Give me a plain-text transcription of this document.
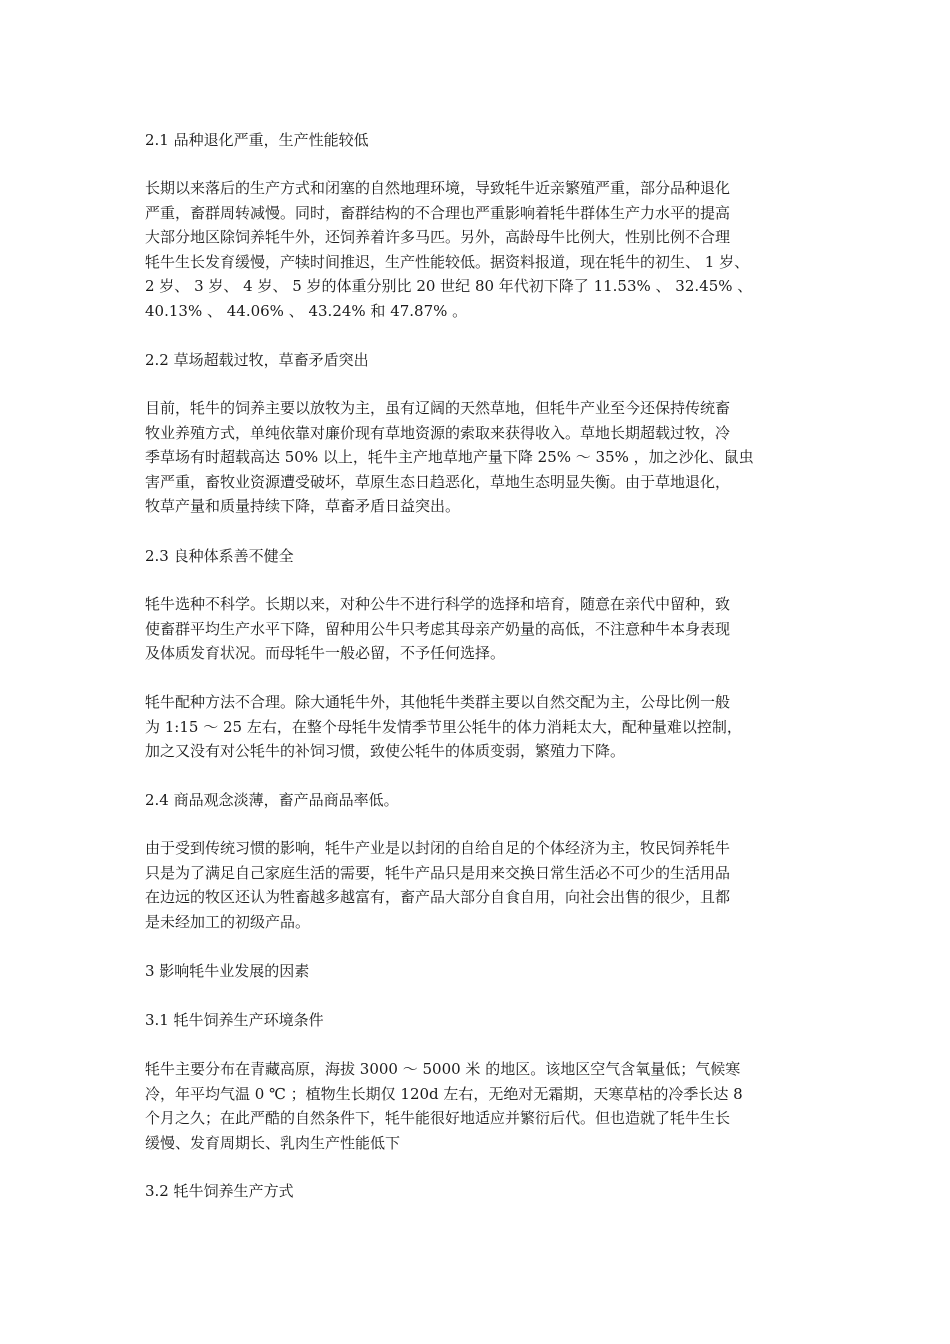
2.1 品种退化严重，生产性能较低

长期以来落后的生产方式和闭塞的自然地理环境，导致牦牛近亲繁殖严重，部分品种退化
严重，畜群周转减慢。同时，畜群结构的不合理也严重影响着牦牛群体生产力水平的提高
大部分地区除饲养牦牛外，还饲养着许多马匹。另外，高龄母牛比例大，性别比例不合理
牦牛生长发育缓慢，产犊时间推迟，生产性能较低。据资料报道，现在牦牛的初生、 1 岁、
2 岁、 3 岁、 4 岁、 5 岁的体重分别比 20 世纪 80 年代初下降了 11.53% 、 32.45% 、
40.13% 、 44.06% 、 43.24% 和 47.87% 。

2.2 草场超载过牧，草畜矛盾突出

目前，牦牛的饲养主要以放牧为主，虽有辽阔的天然草地，但牦牛产业至今还保持传统畜
牧业养殖方式，单纯依靠对廉价现有草地资源的索取来获得收入。草地长期超载过牧，冷
季草场有时超载高达 50% 以上，牦牛主产地草地产量下降 25% ～ 35% ，加之沙化、鼠虫
害严重，畜牧业资源遭受破坏，草原生态日趋恶化，草地生态明显失衡。由于草地退化，
牧草产量和质量持续下降，草畜矛盾日益突出。

2.3 良种体系善不健全

牦牛选种不科学。长期以来，对种公牛不进行科学的选择和培育，随意在亲代中留种，致
使畜群平均生产水平下降，留种用公牛只考虑其母亲产奶量的高低，不注意种牛本身表现
及体质发育状况。而母牦牛一般必留，不予任何选择。

牦牛配种方法不合理。除大通牦牛外，其他牦牛类群主要以自然交配为主，公母比例一般
为 1:15 ～ 25 左右，在整个母牦牛发情季节里公牦牛的体力消耗太大，配种量难以控制，
加之又没有对公牦牛的补饲习惯，致使公牦牛的体质变弱，繁殖力下降。

2.4 商品观念淡薄，畜产品商品率低。

由于受到传统习惯的影响，牦牛产业是以封闭的自给自足的个体经济为主，牧民饲养牦牛
只是为了满足自己家庭生活的需要，牦牛产品只是用来交换日常生活必不可少的生活用品
在边远的牧区还认为牲畜越多越富有，畜产品大部分自食自用，向社会出售的很少，且都
是未经加工的初级产品。

3 影响牦牛业发展的因素

3.1 牦牛饲养生产环境条件

牦牛主要分布在青藏高原，海拔 3000 ～ 5000 米 的地区。该地区空气含氧量低；气候寒
冷，年平均气温 0 ℃ ；植物生长期仅 120d 左右，无绝对无霜期，天寒草枯的冷季长达 8
个月之久；在此严酷的自然条件下，牦牛能很好地适应并繁衍后代。但也造就了牦牛生长
缓慢、发育周期长、乳肉生产性能低下

3.2 牦牛饲养生产方式
